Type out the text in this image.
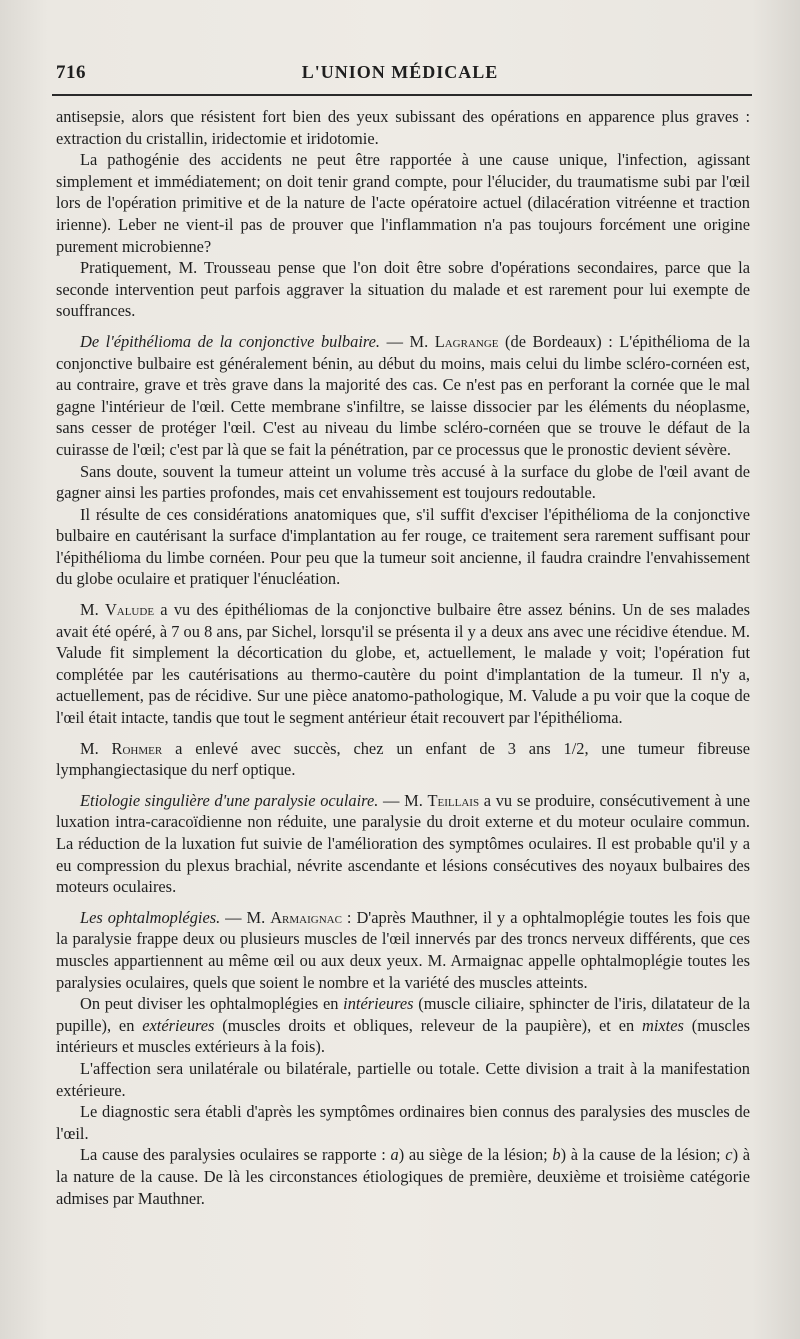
716	L'UNION MÉDICALE

antisepsie, alors que résistent fort bien des yeux subissant des opérations en apparence plus graves : extraction du cristallin, iridectomie et iridotomie.

La pathogénie des accidents ne peut être rapportée à une cause unique, l'infection, agissant simplement et immédiatement; on doit tenir grand compte, pour l'élucider, du traumatisme subi par l'œil lors de l'opération primitive et de la nature de l'acte opératoire actuel (dilacération vitréenne et traction irienne). Leber ne vient-il pas de prouver que l'inflammation n'a pas toujours forcément une origine purement microbienne?

Pratiquement, M. Trousseau pense que l'on doit être sobre d'opérations secondaires, parce que la seconde intervention peut parfois aggraver la situation du malade et est rarement pour lui exempte de souffrances.

De l'épithélioma de la conjonctive bulbaire. — M. Lagrange (de Bordeaux) : L'épithélioma de la conjonctive bulbaire est généralement bénin, au début du moins, mais celui du limbe scléro-cornéen est, au contraire, grave et très grave dans la majorité des cas. Ce n'est pas en perforant la cornée que le mal gagne l'intérieur de l'œil. Cette membrane s'infiltre, se laisse dissocier par les éléments du néoplasme, sans cesser de protéger l'œil. C'est au niveau du limbe scléro-cornéen que se trouve le défaut de la cuirasse de l'œil; c'est par là que se fait la pénétration, par ce processus que le pronostic devient sévère.

Sans doute, souvent la tumeur atteint un volume très accusé à la surface du globe de l'œil avant de gagner ainsi les parties profondes, mais cet envahissement est toujours redoutable.

Il résulte de ces considérations anatomiques que, s'il suffit d'exciser l'épithélioma de la conjonctive bulbaire en cautérisant la surface d'implantation au fer rouge, ce traitement sera rarement suffisant pour l'épithélioma du limbe cornéen. Pour peu que la tumeur soit ancienne, il faudra craindre l'envahissement du globe oculaire et pratiquer l'énucléation.

M. Valude a vu des épithéliomas de la conjonctive bulbaire être assez bénins. Un de ses malades avait été opéré, à 7 ou 8 ans, par Sichel, lorsqu'il se présenta il y a deux ans avec une récidive étendue. M. Valude fit simplement la décortication du globe, et, actuellement, le malade y voit; l'opération fut complétée par les cautérisations au thermo-cautère du point d'implantation de la tumeur. Il n'y a, actuellement, pas de récidive. Sur une pièce anatomo-pathologique, M. Valude a pu voir que la coque de l'œil était intacte, tandis que tout le segment antérieur était recouvert par l'épithélioma.

M. Rohmer a enlevé avec succès, chez un enfant de 3 ans 1/2, une tumeur fibreuse lymphangiectasique du nerf optique.

Etiologie singulière d'une paralysie oculaire. — M. Teillais a vu se produire, consécutivement à une luxation intra-caracoïdienne non réduite, une paralysie du droit externe et du moteur oculaire commun. La réduction de la luxation fut suivie de l'amélioration des symptômes oculaires. Il est probable qu'il y a eu compression du plexus brachial, névrite ascendante et lésions consécutives des noyaux bulbaires des moteurs oculaires.

Les ophtalmoplégies. — M. Armaignac : D'après Mauthner, il y a ophtalmoplégie toutes les fois que la paralysie frappe deux ou plusieurs muscles de l'œil innervés par des troncs nerveux différents, que ces muscles appartiennent au même œil ou aux deux yeux. M. Armaignac appelle ophtalmoplégie toutes les paralysies oculaires, quels que soient le nombre et la variété des muscles atteints.

On peut diviser les ophtalmoplégies en intérieures (muscle ciliaire, sphincter de l'iris, dilatateur de la pupille), en extérieures (muscles droits et obliques, releveur de la paupière), et en mixtes (muscles intérieurs et muscles extérieurs à la fois).

L'affection sera unilatérale ou bilatérale, partielle ou totale. Cette division a trait à la manifestation extérieure.

Le diagnostic sera établi d'après les symptômes ordinaires bien connus des paralysies des muscles de l'œil.

La cause des paralysies oculaires se rapporte : a) au siège de la lésion; b) à la cause de la lésion; c) à la nature de la cause. De là les circonstances étiologiques de première, deuxième et troisième catégorie admises par Mauthner.
